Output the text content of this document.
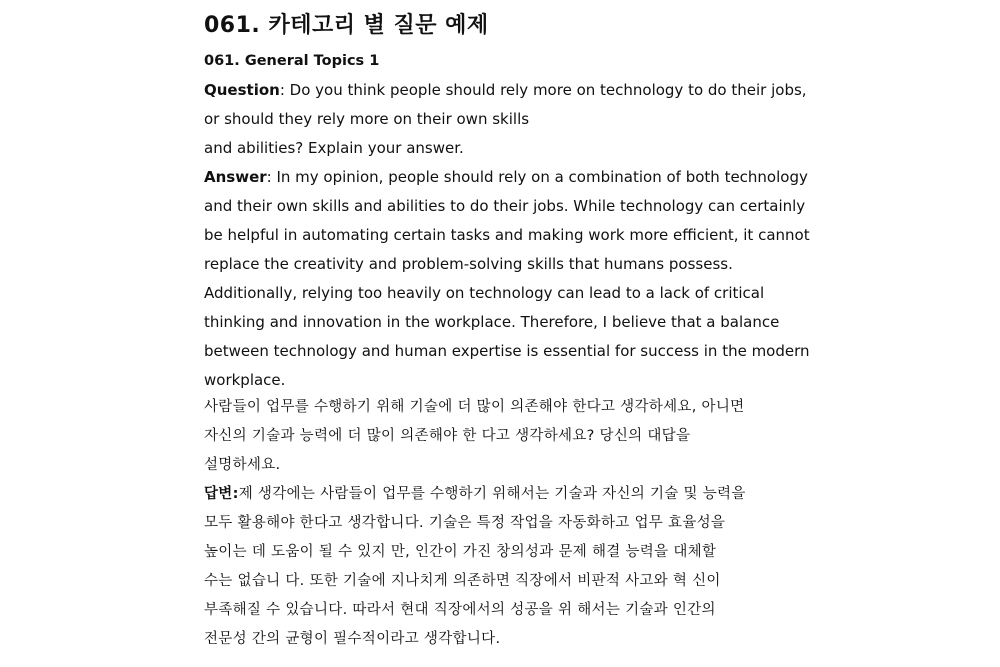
061. 카테고리 별 질문 예제
061. General Topics 1

Question: Do you think people should rely more on technology to do their jobs,

or should they rely more on their own skills

and abilities? Explain your answer.

Answer: In my opinion, people should rely on a combination of both technology

and their own skills and abilities to do their jobs. While technology can certainly

be helpful in automating certain tasks and making work more efficient, it cannot

replace the creativity and problem-solving skills that humans possess.

Additionally, relying too heavily on technology can lead to a lack of critical

thinking and innovation in the workplace. Therefore, I believe that a balance

between technology and human expertise is essential for success in the modern

workplace.

사람들이 업무를 수행하기 위해 기술에 더 많이 의존해야 한다고 생각하세요, 아니면

자신의 기술과 능력에 더 많이 의존해야 한 다고 생각하세요? 당신의 대답을

설명하세요.

답변:제 생각에는 사람들이 업무를 수행하기 위해서는 기술과 자신의 기술 및 능력을

모두 활용해야 한다고 생각합니다. 기술은 특정 작업을 자동화하고 업무 효율성을

높이는 데 도움이 될 수 있지 만, 인간이 가진 창의성과 문제 해결 능력을 대체할

수는 없습니 다. 또한 기술에 지나치게 의존하면 직장에서 비판적 사고와 혁 신이

부족해질 수 있습니다. 따라서 현대 직장에서의 성공을 위 해서는 기술과 인간의

전문성 간의 균형이 필수적이라고 생각합니다.
